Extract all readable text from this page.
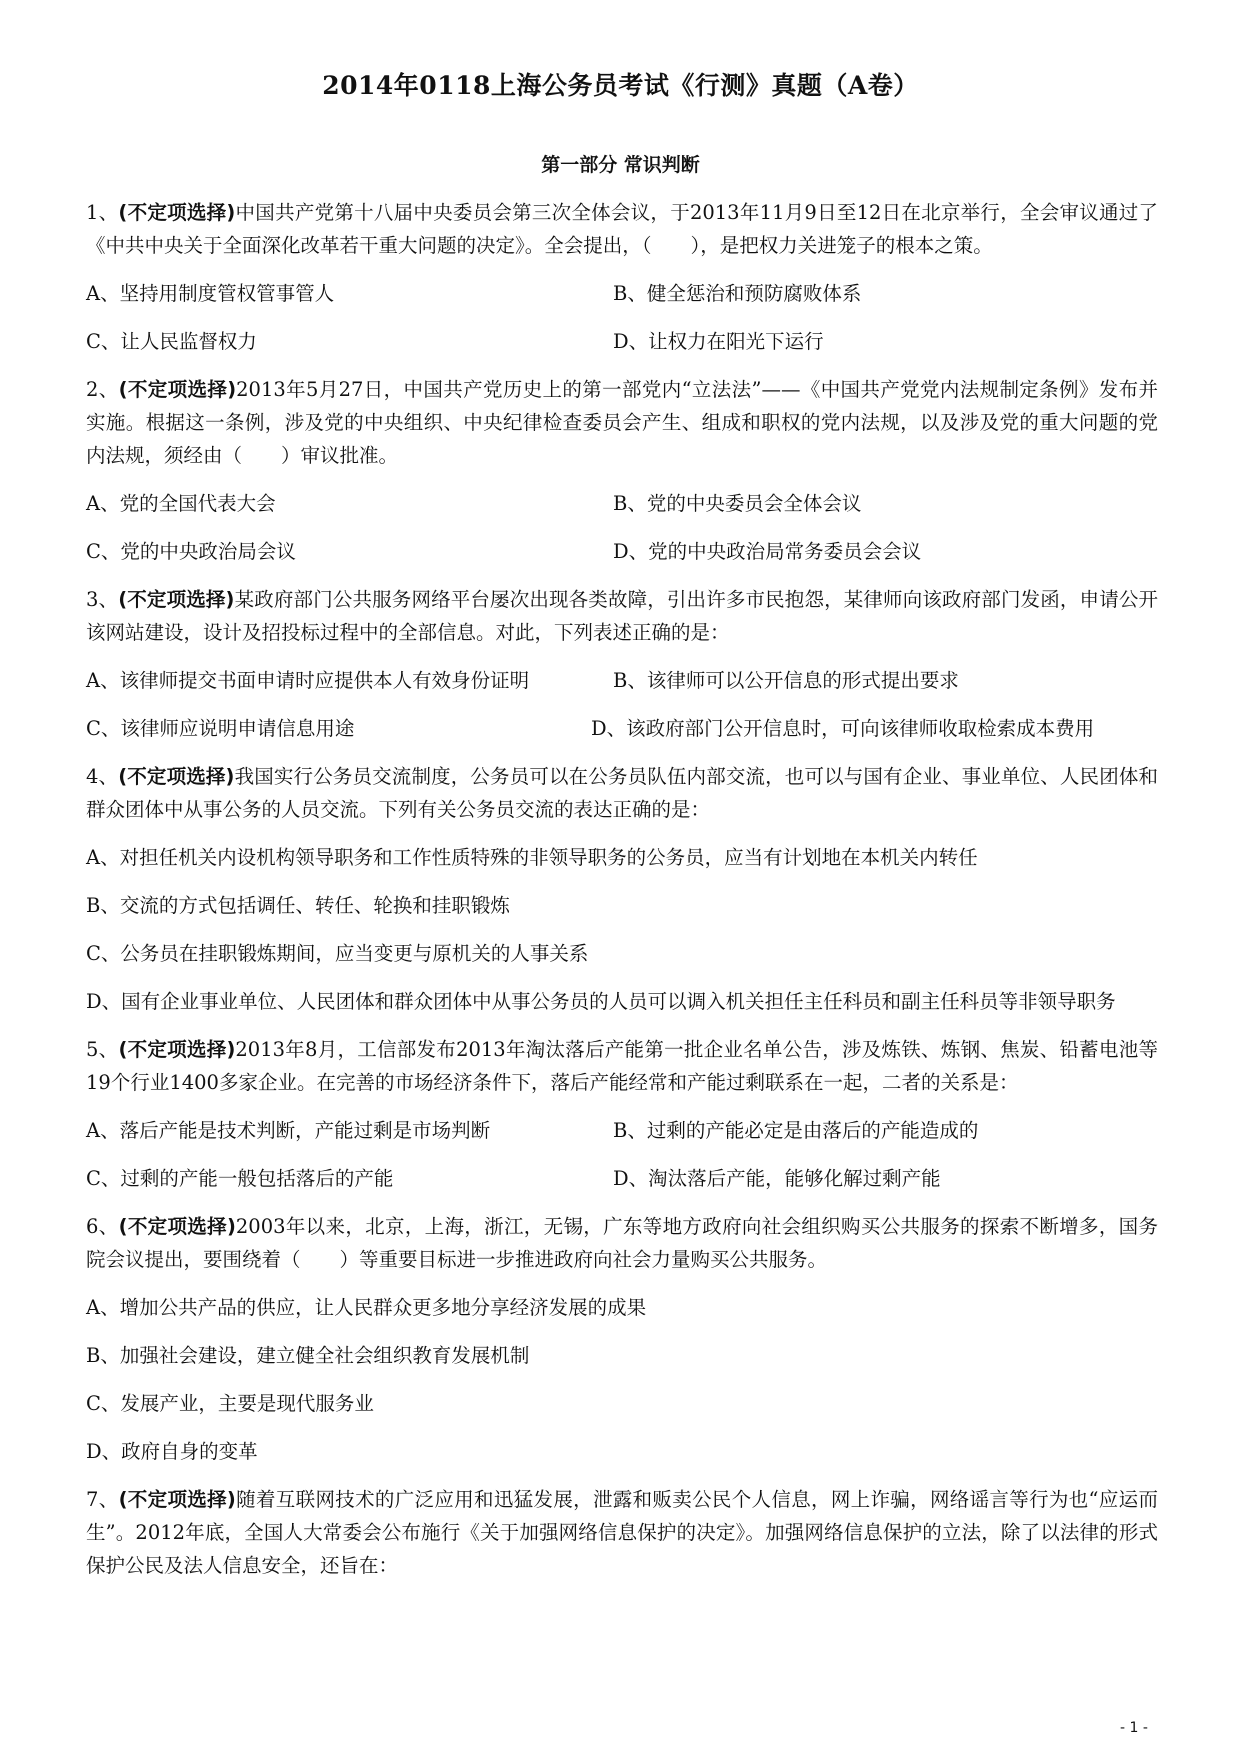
2014年0118上海公务员考试《行测》真题（A卷）
第一部分 常识判断

1、(不定项选择)中国共产党第十八届中央委员会第三次全体会议，于2013年11月9日至12日在北京举行，全会审议通过了《中共中央关于全面深化改革若干重大问题的决定》。全会提出，（　　），是把权力关进笼子的根本之策。

A、坚持用制度管权管事管人	B、健全惩治和预防腐败体系
C、让人民监督权力	D、让权力在阳光下运行

2、(不定项选择)2013年5月27日，中国共产党历史上的第一部党内“立法法”——《中国共产党党内法规制定条例》发布并实施。根据这一条例，涉及党的中央组织、中央纪律检查委员会产生、组成和职权的党内法规，以及涉及党的重大问题的党内法规，须经由（　　）审议批准。

A、党的全国代表大会	B、党的中央委员会全体会议
C、党的中央政治局会议	D、党的中央政治局常务委员会会议

3、(不定项选择)某政府部门公共服务网络平台屡次出现各类故障，引出许多市民抱怨，某律师向该政府部门发函，申请公开该网站建设，设计及招投标过程中的全部信息。对此，下列表述正确的是：

A、该律师提交书面申请时应提供本人有效身份证明	B、该律师可以公开信息的形式提出要求
C、该律师应说明申请信息用途	D、该政府部门公开信息时，可向该律师收取检索成本费用

4、(不定项选择)我国实行公务员交流制度，公务员可以在公务员队伍内部交流，也可以与国有企业、事业单位、人民团体和群众团体中从事公务的人员交流。下列有关公务员交流的表达正确的是：

A、对担任机关内设机构领导职务和工作性质特殊的非领导职务的公务员，应当有计划地在本机关内转任
B、交流的方式包括调任、转任、轮换和挂职锻炼
C、公务员在挂职锻炼期间，应当变更与原机关的人事关系
D、国有企业事业单位、人民团体和群众团体中从事公务员的人员可以调入机关担任主任科员和副主任科员等非领导职务

5、(不定项选择)2013年8月，工信部发布2013年淘汰落后产能第一批企业名单公告，涉及炼铁、炼钢、焦炭、铅蓄电池等19个行业1400多家企业。在完善的市场经济条件下，落后产能经常和产能过剩联系在一起，二者的关系是：

A、落后产能是技术判断，产能过剩是市场判断	B、过剩的产能必定是由落后的产能造成的
C、过剩的产能一般包括落后的产能	D、淘汰落后产能，能够化解过剩产能

6、(不定项选择)2003年以来，北京，上海，浙江，无锡，广东等地方政府向社会组织购买公共服务的探索不断增多，国务院会议提出，要围绕着（　　）等重要目标进一步推进政府向社会力量购买公共服务。

A、增加公共产品的供应，让人民群众更多地分享经济发展的成果
B、加强社会建设，建立健全社会组织教育发展机制
C、发展产业，主要是现代服务业
D、政府自身的变革

7、(不定项选择)随着互联网技术的广泛应用和迅猛发展，泄露和贩卖公民个人信息，网上诈骗，网络谣言等行为也“应运而生”。2012年底，全国人大常委会公布施行《关于加强网络信息保护的决定》。加强网络信息保护的立法，除了以法律的形式保护公民及法人信息安全，还旨在：

- 1 -
